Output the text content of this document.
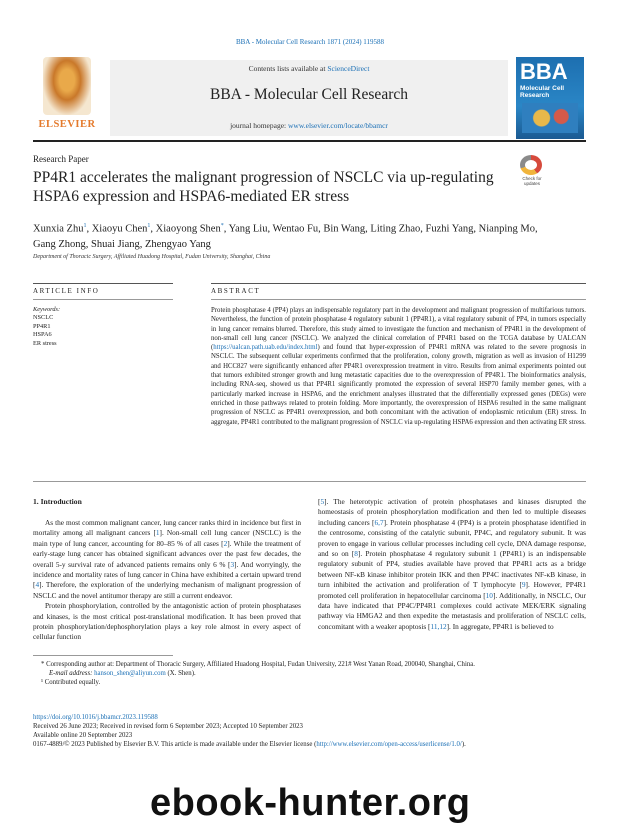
BBA - Molecular Cell Research 1871 (2024) 119588
ELSEVIER
Contents lists available at ScienceDirect
BBA - Molecular Cell Research
journal homepage: www.elsevier.com/locate/bbamcr
BBA
Molecular Cell Research
Research Paper
PP4R1 accelerates the malignant progression of NSCLC via up-regulating HSPA6 expression and HSPA6-mediated ER stress
Check for updates
Xunxia Zhu$^1$, Xiaoyu Chen$^1$, Xiaoyong Shen*, Yang Liu, Wentao Fu, Bin Wang, Liting Zhao, Fuzhi Yang, Nianping Mo, Gang Zhong, Shuai Jiang, Zhengyao Yang
Department of Thoracic Surgery, Affiliated Huadong Hospital, Fudan University, Shanghai, China
ARTICLE INFO	ABSTRACT
Keywords:
NSCLC
PP4R1
HSPA6
ER stress
Protein phosphatase 4 (PP4) plays an indispensable regulatory part in the development and malignant progression of multifarious tumors. Nevertheless, the function of protein phosphatase 4 regulatory subunit 1 (PP4R1), a vital regulatory subunit of PP4, in tumors especially in lung cancer remains blurred. Therefore, this study aimed to investigate the function and mechanism of PP4R1 in the development of non-small cell lung cancer (NSCLC). We analyzed the clinical correlation of PP4R1 based on the TCGA database by UALCAN (https://ualcan.path.uab.edu/index.html) and found that hyper-expression of PP4R1 mRNA was related to the severe prognosis in NSCLC. The subsequent cellular experiments confirmed that the proliferation, colony growth, migration as well as invasion of H1299 and HCC827 were significantly enhanced after PP4R1 overexpression treatment in vitro. Results from animal experiments pointed out that tumors exhibited stronger growth and lung metastatic capacities due to the overexpression of PP4R1. The bioinformatics analysis, including RNA-seq, showed us that PP4R1 significantly promoted the expression of several HSP70 family member genes, with a particularly marked increase in HSPA6, and the enrichment analyses illustrated that the differentially expressed genes (DEGs) were enriched in those pathways related to protein folding. More importantly, the overexpression of HSPA6 resulted in the same malignant progression of NSCLC as PP4R1 overexpression, and both concomitant with the activation of endoplasmic reticulum (ER) stress. In aggregate, PP4R1 contributed to the malignant progression of NSCLC via up-regulating HSPA6 expression and then activating ER stress.
1. Introduction

As the most common malignant cancer, lung cancer ranks third in incidence but first in mortality among all malignant cancers [1]. Non-small cell lung cancer (NSCLC) is the main type of lung cancer, accounting for 80–85 % of all cases [2]. While the treatment of early-stage lung cancer has obtained significant advances over the past few decades, the overall 5-y survival rate of advanced patients remains only 6 % [3]. And worryingly, the incidence and mortality rates of lung cancer in China have exhibited a certain upward trend [4]. Therefore, the exploration of the underlying mechanism of malignant progression of NSCLC and the novel antitumor therapy are still a current endeavor.

Protein phosphorylation, controlled by the antagonistic action of protein phosphatases and kinases, is the most critical post-translational modification. It has been proved that protein phosphorylation/dephosphorylation plays a key role almost in every aspect of cellular function

[5]. The heterotypic activation of protein phosphatases and kinases disrupted the homeostasis of protein phosphorylation modification and then led to multiple diseases including cancers [6,7]. Protein phosphatase 4 (PP4) is a protein phosphatase identified in the centrosome, consisting of the catalytic subunit, PP4C, and regulatory subunit. It was proven to engage in various cellular processes including cell cycle, DNA damage response, and so on [8]. Protein phosphatase 4 regulatory subunit 1 (PP4R1) is an indispensable regulatory subunit of PP4, studies available have proved that PP4R1 acts as a bridge between NF-κB kinase inhibitor protein IKK and then PP4C inactivates NF-κB kinase, in turn inhibited the activation and proliferation of T lymphocyte [9]. However, PP4R1 promoted cell proliferation in hepatocellular carcinoma [10]. Additionally, in NSCLC, Our data have indicated that PP4C/PP4R1 complexes could activate MEK/ERK signaling pathway via HMGA2 and then expedite the metastasis and proliferation of NSCLC cells, concomitant with a weaker apoptosis [11,12]. In aggregate, PP4R1 is believed to

* Corresponding author at: Department of Thoracic Surgery, Affiliated Huadong Hospital, Fudan University, 221# West Yanan Road, 200040, Shanghai, China.
E-mail address: hanson_shen@aliyun.com (X. Shen).
¹ Contributed equally.
https://doi.org/10.1016/j.bbamcr.2023.119588
Received 26 June 2023; Received in revised form 6 September 2023; Accepted 10 September 2023
Available online 20 September 2023
0167-4889/© 2023 Published by Elsevier B.V. This article is made available under the Elsevier license (http://www.elsevier.com/open-access/userlicense/1.0/).
ebook-hunter.org
